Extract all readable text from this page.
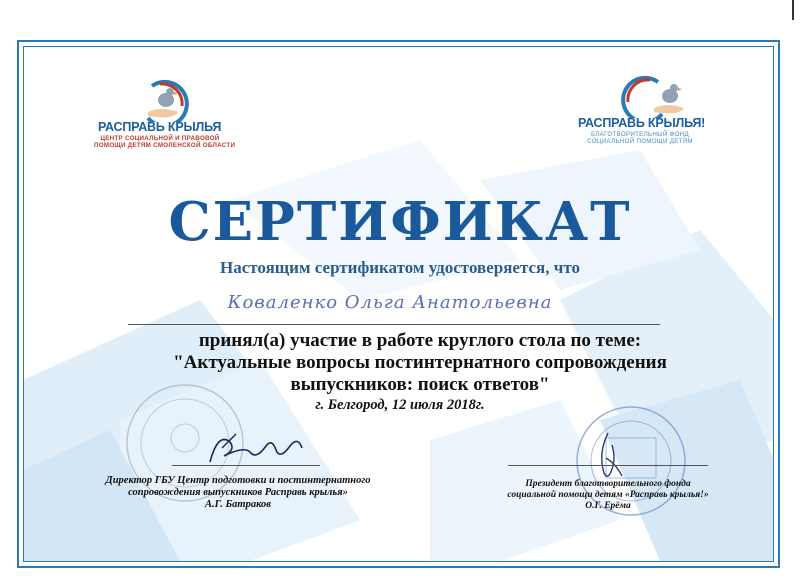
РАСПРАВЬ КРЫЛЬЯ
ЦЕНТР СОЦИАЛЬНОЙ И ПРАВОВОЙ
ПОМОЩИ ДЕТЯМ СМОЛЕНСКОЙ ОБЛАСТИ
РАСПРАВЬ КРЫЛЬЯ!
БЛАГОТВОРИТЕЛЬНЫЙ ФОНД
СОЦИАЛЬНОЙ ПОМОЩИ ДЕТЯМ
СЕРТИФИКАТ
Настоящим сертификатом удостоверяется, что
Коваленко Ольга Анатольевна
принял(а) участие в работе круглого стола по теме:
"Актуальные вопросы постинтернатного сопровождения
выпускников: поиск ответов"
г. Белгород, 12 июля 2018г.
Директор ГБУ Центр подготовки и постинтернатного
сопровождения выпускников Расправь крылья»
А.Г. Батраков
Президент благотворительного фонда
социальной помощи детям «Расправь крылья!»
О.Г. Ерёма
